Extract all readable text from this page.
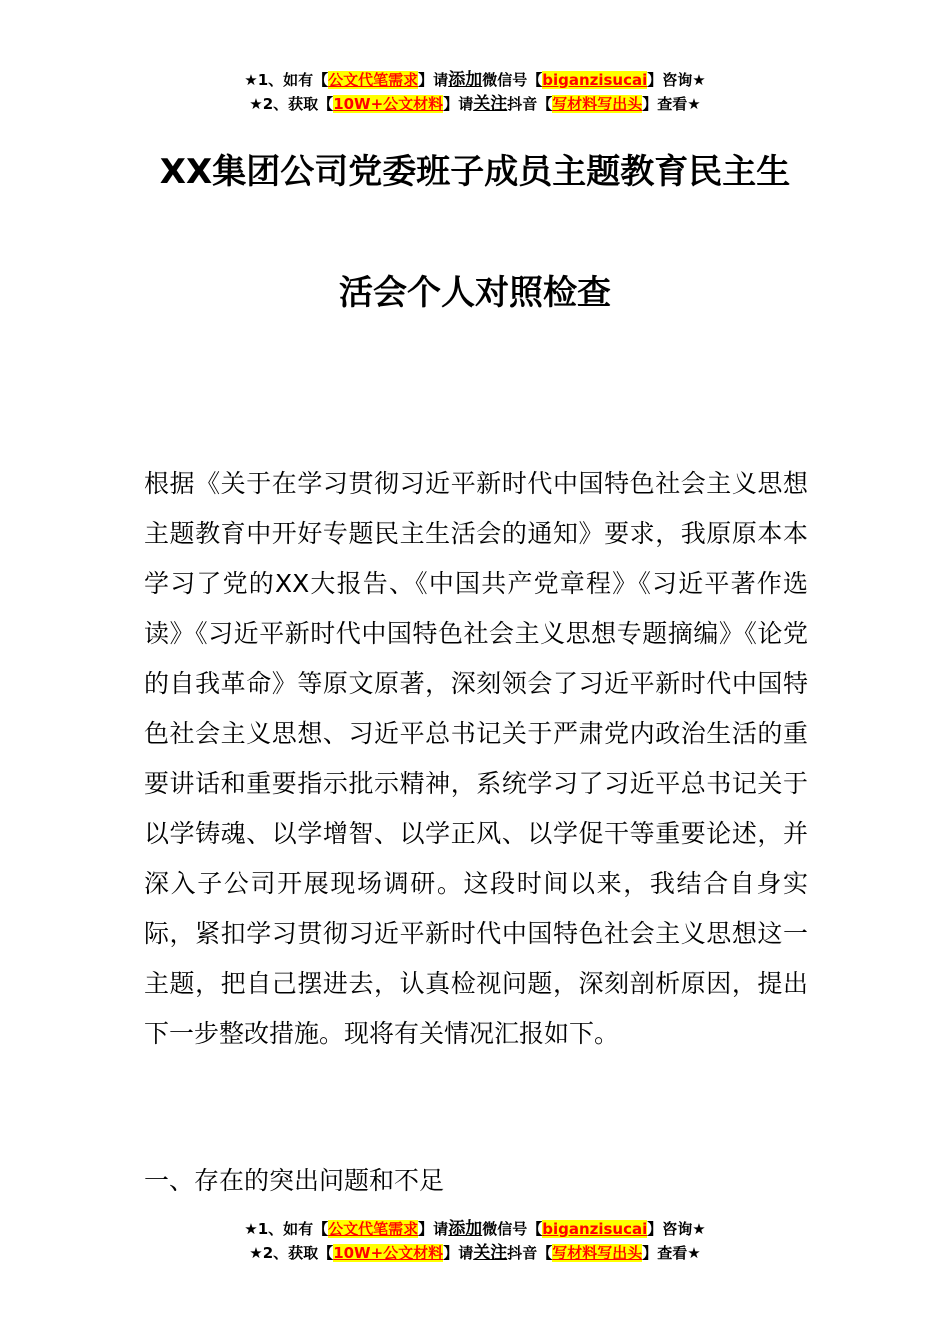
★1、如有【公文代笔需求】请添加微信号【biganzisucai】咨询★
★2、获取【10W+公文材料】请关注抖音【写材料写出头】查看★
XX集团公司党委班子成员主题教育民主生
活会个人对照检查
根据《关于在学习贯彻习近平新时代中国特色社会主义思想主题教育中开好专题民主生活会的通知》要求，我原原本本学习了党的XX大报告、《中国共产党章程》《习近平著作选读》《习近平新时代中国特色社会主义思想专题摘编》《论党的自我革命》等原文原著，深刻领会了习近平新时代中国特色社会主义思想、习近平总书记关于严肃党内政治生活的重要讲话和重要指示批示精神，系统学习了习近平总书记关于以学铸魂、以学增智、以学正风、以学促干等重要论述，并深入子公司开展现场调研。这段时间以来，我结合自身实际，紧扣学习贯彻习近平新时代中国特色社会主义思想这一主题，把自己摆进去，认真检视问题，深刻剖析原因，提出下一步整改措施。现将有关情况汇报如下。
一、存在的突出问题和不足
★1、如有【公文代笔需求】请添加微信号【biganzisucai】咨询★
★2、获取【10W+公文材料】请关注抖音【写材料写出头】查看★
